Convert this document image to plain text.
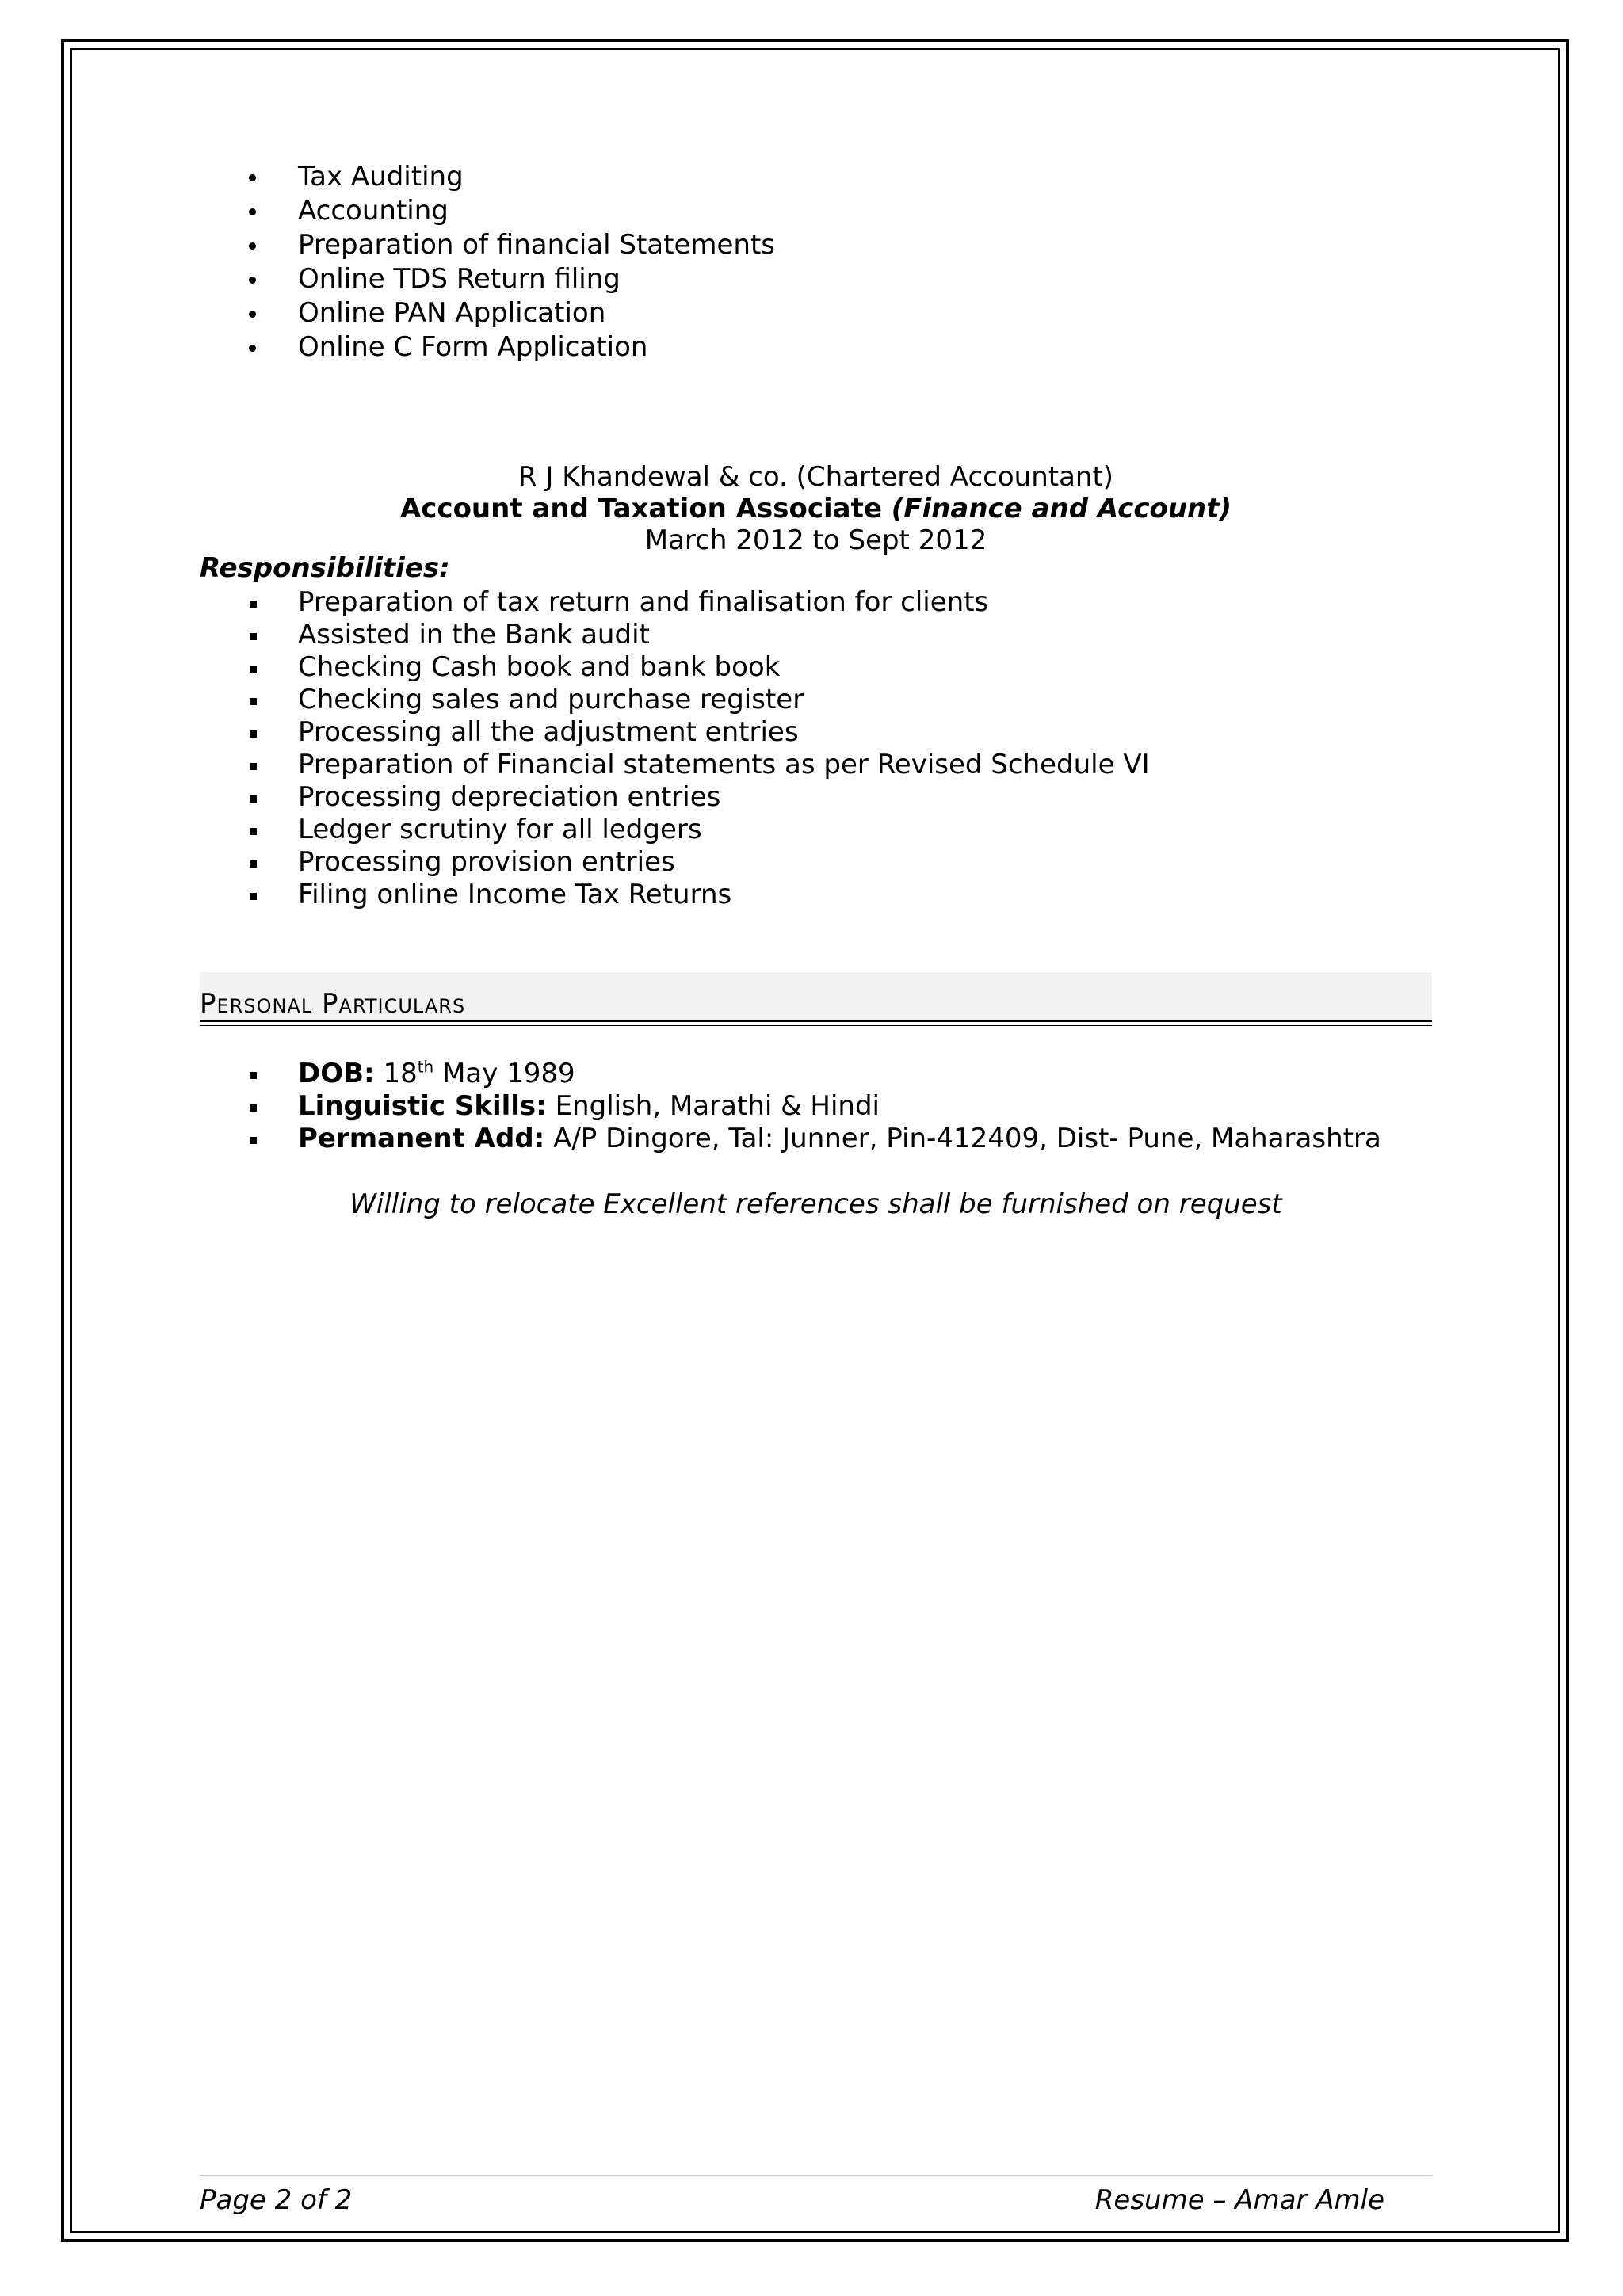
Tax Auditing
Accounting
Preparation of financial Statements
Online TDS Return filing
Online PAN Application
Online C Form Application
R J Khandewal & co. (Chartered Accountant)
Account and Taxation Associate (Finance and Account)
March 2012 to Sept 2012
Responsibilities:
Preparation of tax return and finalisation for clients
Assisted in the Bank audit
Checking Cash book and bank book
Checking sales and purchase register
Processing all the adjustment entries
Preparation of Financial statements as per Revised Schedule VI
Processing depreciation entries
Ledger scrutiny for all ledgers
Processing provision entries
Filing online Income Tax Returns
Personal Particulars
DOB: 18th May 1989
Linguistic Skills: English, Marathi & Hindi
Permanent Add: A/P Dingore, Tal: Junner, Pin-412409, Dist- Pune, Maharashtra
Willing to relocate Excellent references shall be furnished on request
Page 2 of 2	Resume – Amar Amle
